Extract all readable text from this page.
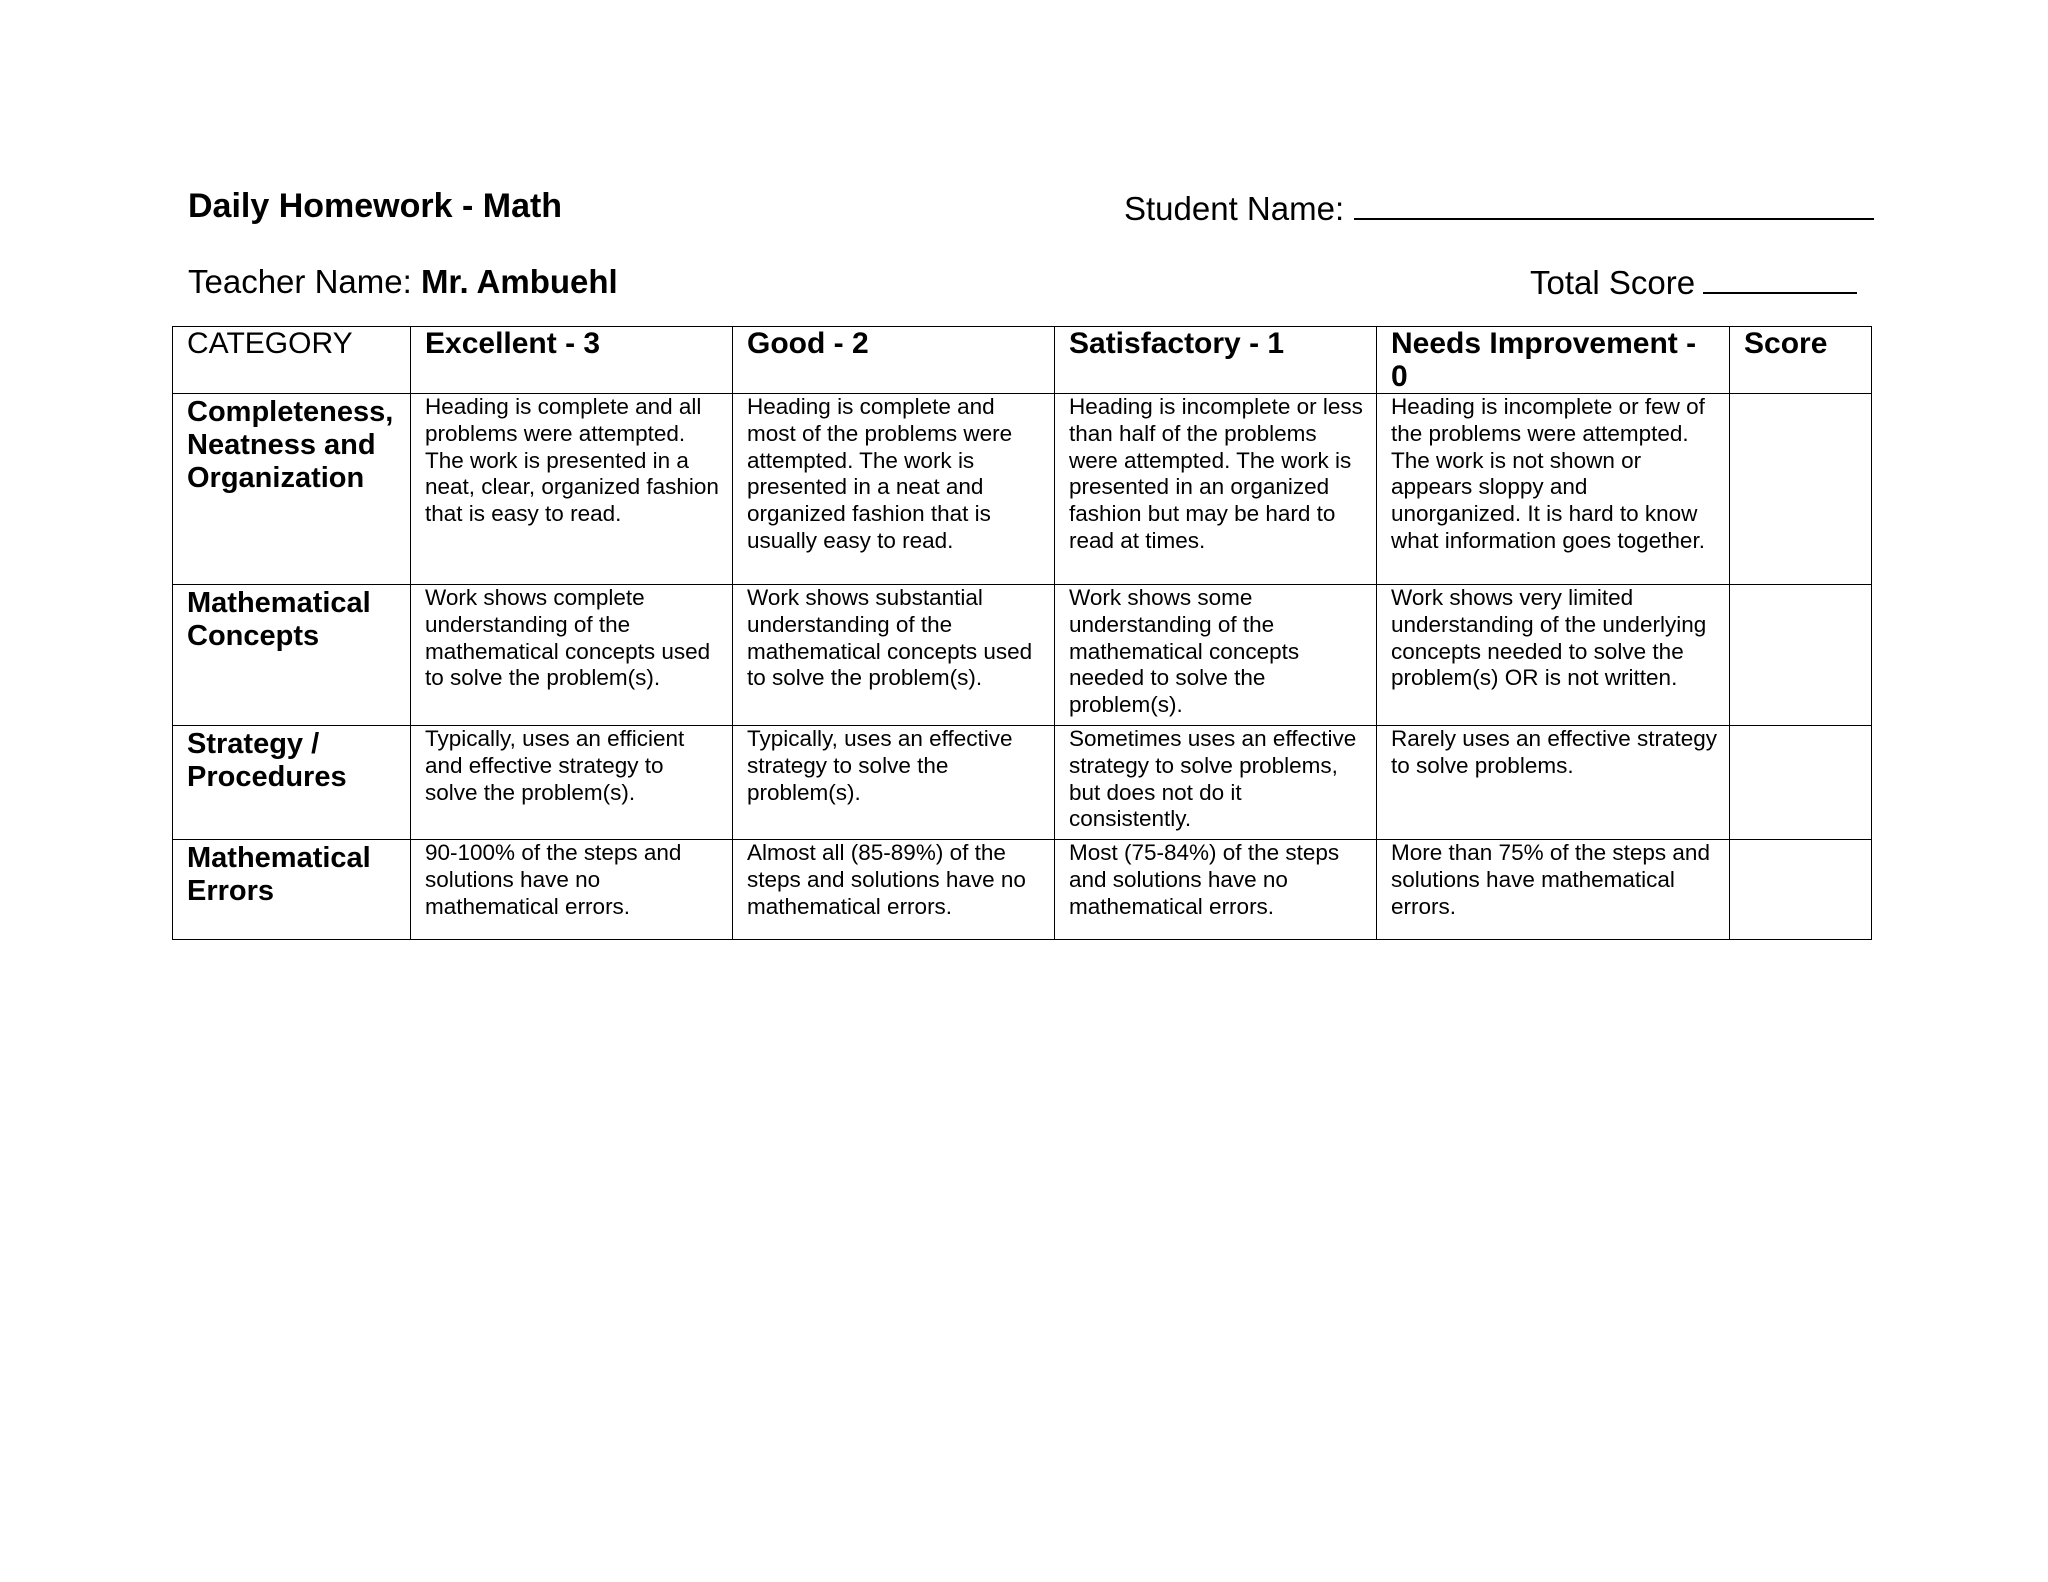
Daily Homework - Math	Student Name:
Teacher Name: Mr. Ambuehl	Total Score
CATEGORY	Excellent - 3	Good - 2	Satisfactory - 1	Needs Improvement - 0	Score
Completeness, Neatness and Organization	Heading is complete and all problems were attempted. The work is presented in a neat, clear, organized fashion that is easy to read.	Heading is complete and most of the problems were attempted. The work is presented in a neat and organized fashion that is usually easy to read.	Heading is incomplete or less than half of the problems were attempted. The work is presented in an organized fashion but may be hard to read at times.	Heading is incomplete or few of the problems were attempted. The work is not shown or appears sloppy and unorganized. It is hard to know what information goes together.	
Mathematical Concepts	Work shows complete understanding of the mathematical concepts used to solve the problem(s).	Work shows substantial understanding of the mathematical concepts used to solve the problem(s).	Work shows some understanding of the mathematical concepts needed to solve the problem(s).	Work shows very limited understanding of the underlying concepts needed to solve the problem(s) OR is not written.	
Strategy / Procedures	Typically, uses an efficient and effective strategy to solve the problem(s).	Typically, uses an effective strategy to solve the problem(s).	Sometimes uses an effective strategy to solve problems, but does not do it consistently.	Rarely uses an effective strategy to solve problems.	
Mathematical Errors	90-100% of the steps and solutions have no mathematical errors.	Almost all (85-89%) of the steps and solutions have no mathematical errors.	Most (75-84%) of the steps and solutions have no mathematical errors.	More than 75% of the steps and solutions have mathematical errors.	
